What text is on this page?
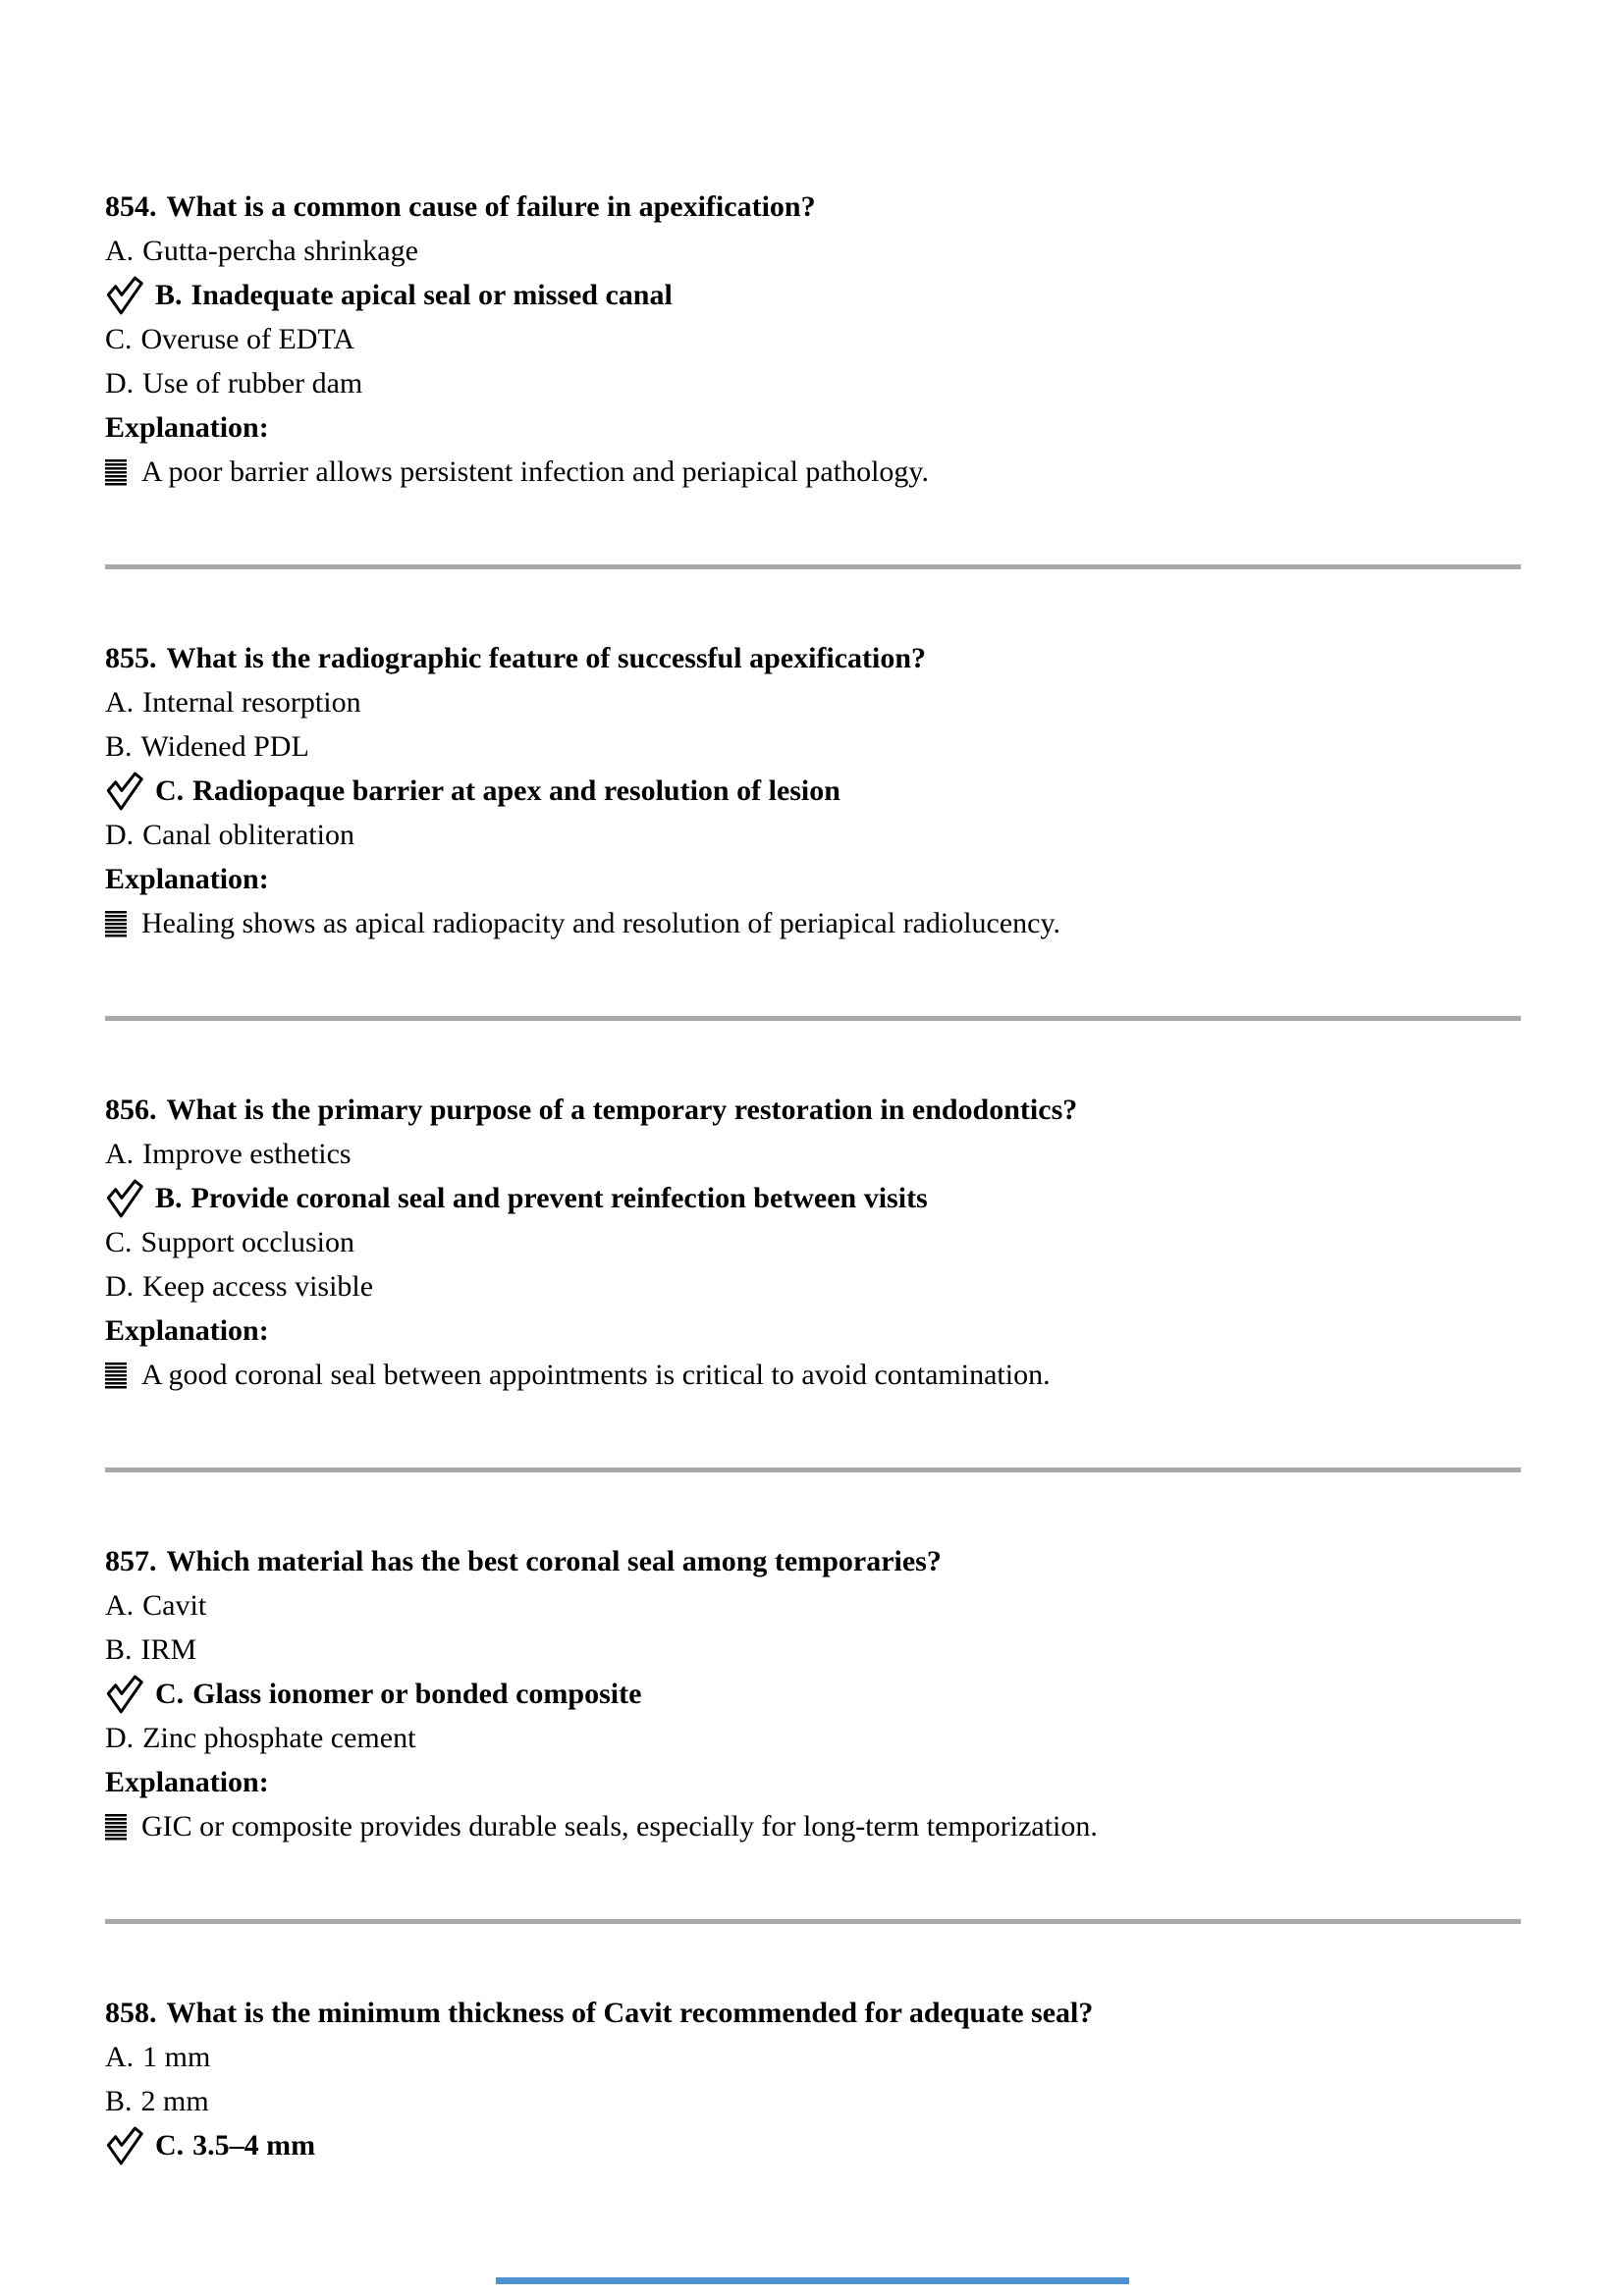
854. What is a common cause of failure in apexification?
A. Gutta-percha shrinkage
B. Inadequate apical seal or missed canal
C. Overuse of EDTA
D. Use of rubber dam
Explanation:
A poor barrier allows persistent infection and periapical pathology.
855. What is the radiographic feature of successful apexification?
A. Internal resorption
B. Widened PDL
C. Radiopaque barrier at apex and resolution of lesion
D. Canal obliteration
Explanation:
Healing shows as apical radiopacity and resolution of periapical radiolucency.
856. What is the primary purpose of a temporary restoration in endodontics?
A. Improve esthetics
B. Provide coronal seal and prevent reinfection between visits
C. Support occlusion
D. Keep access visible
Explanation:
A good coronal seal between appointments is critical to avoid contamination.
857. Which material has the best coronal seal among temporaries?
A. Cavit
B. IRM
C. Glass ionomer or bonded composite
D. Zinc phosphate cement
Explanation:
GIC or composite provides durable seals, especially for long-term temporization.
858. What is the minimum thickness of Cavit recommended for adequate seal?
A. 1 mm
B. 2 mm
C. 3.5–4 mm
